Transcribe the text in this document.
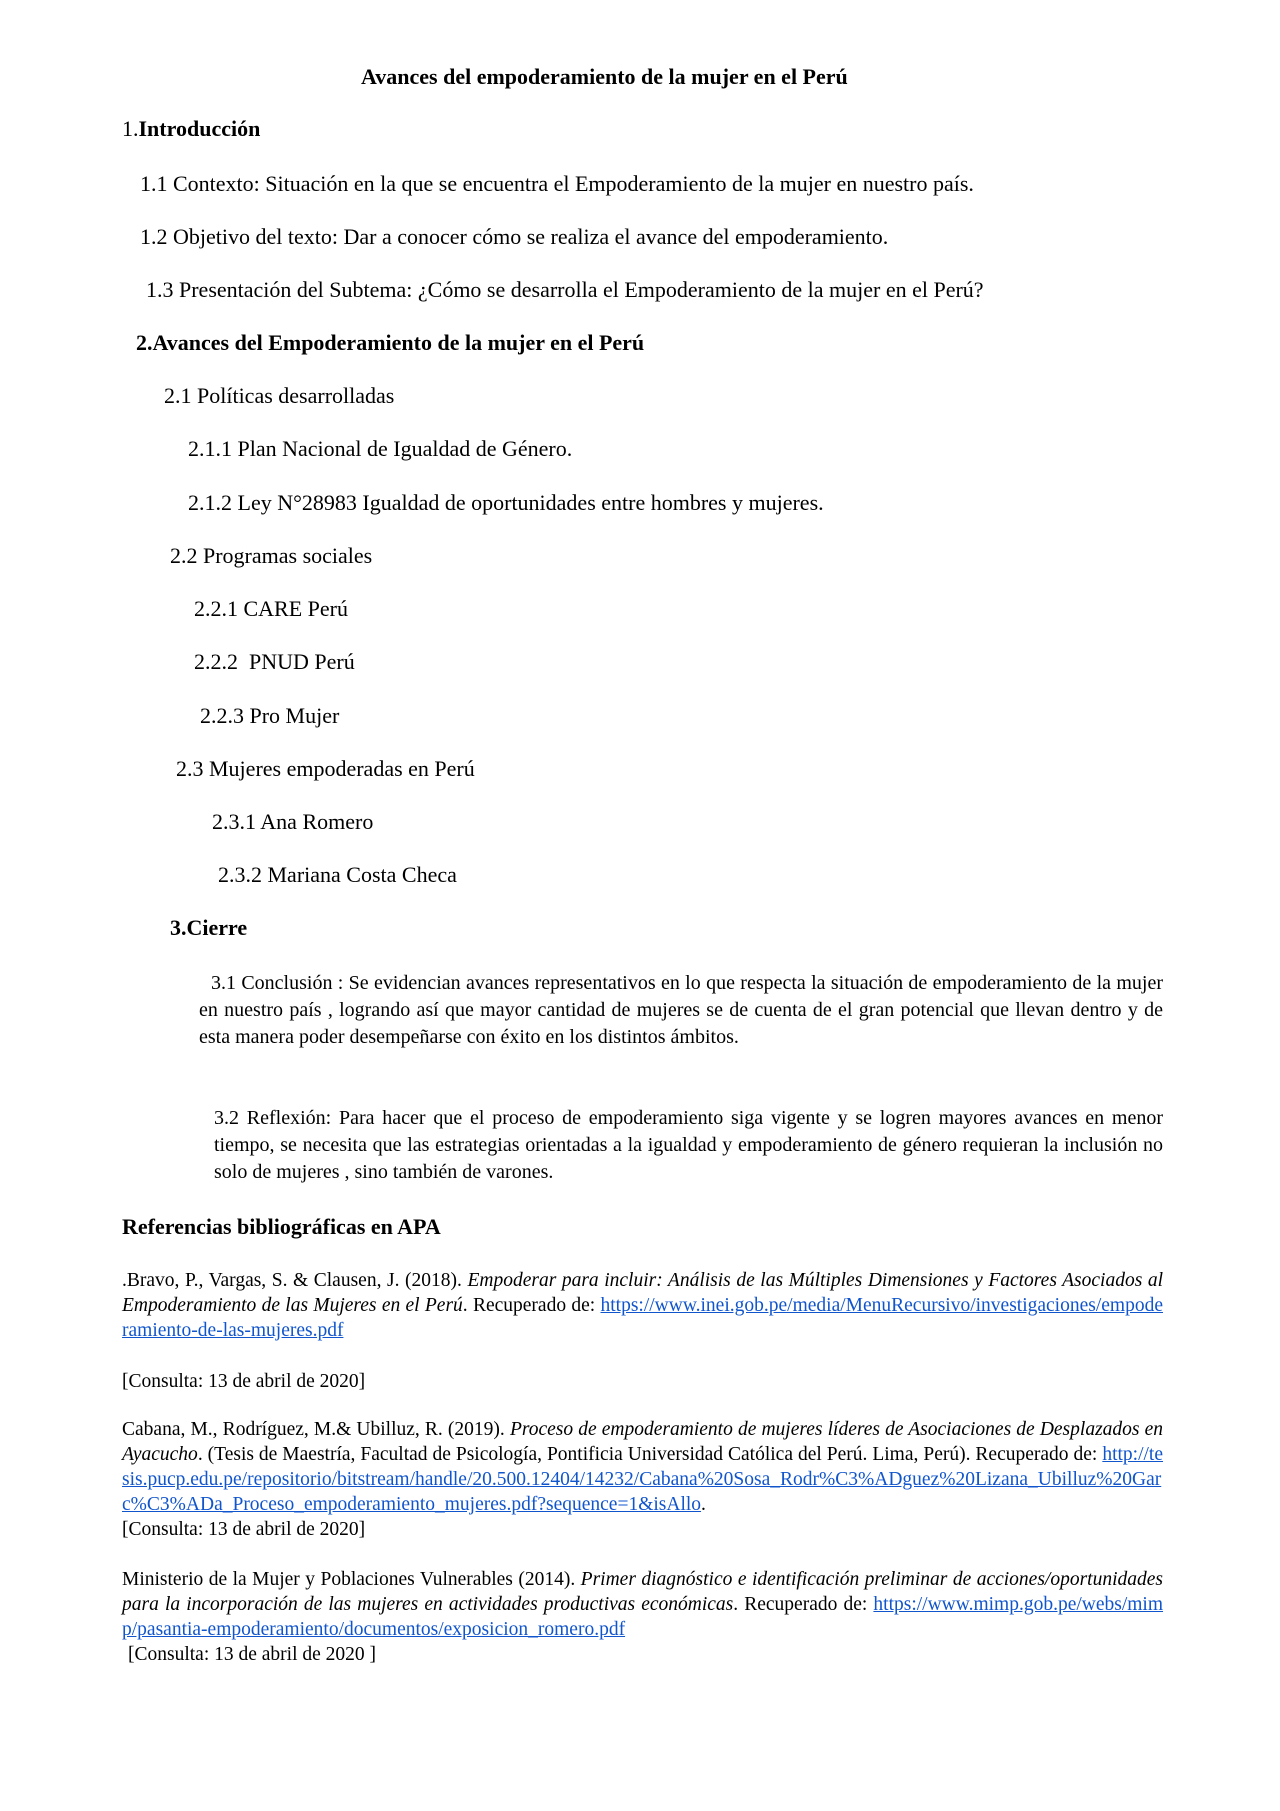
Avances del empoderamiento de la mujer en el Perú
1.Introducción
1.1 Contexto: Situación en la que se encuentra el Empoderamiento de la mujer en nuestro país.
1.2 Objetivo del texto: Dar a conocer cómo se realiza el avance del empoderamiento.
1.3 Presentación del Subtema: ¿Cómo se desarrolla el Empoderamiento de la mujer en el Perú?
2.Avances del Empoderamiento de la mujer en el Perú
2.1 Políticas desarrolladas
2.1.1 Plan Nacional de Igualdad de Género.
2.1.2 Ley N°28983 Igualdad de oportunidades entre hombres y mujeres.
2.2 Programas sociales
2.2.1 CARE Perú
2.2.2  PNUD Perú
2.2.3 Pro Mujer
2.3 Mujeres empoderadas en Perú
2.3.1 Ana Romero
2.3.2 Mariana Costa Checa
3.Cierre

3.1 Conclusión : Se evidencian avances representativos en lo que respecta la situación de empoderamiento de la mujer en nuestro país , logrando así que mayor cantidad de mujeres se de cuenta de el gran potencial que llevan dentro y de esta manera poder desempeñarse con éxito en los distintos ámbitos.

3.2 Reflexión: Para hacer que el proceso de empoderamiento siga vigente y se logren mayores avances en menor tiempo, se necesita que las estrategias orientadas a la igualdad y empoderamiento de género requieran la inclusión no solo de mujeres , sino también de varones.

Referencias bibliográficas en APA

.Bravo, P., Vargas, S. & Clausen, J. (2018). Empoderar para incluir: Análisis de las Múltiples Dimensiones y Factores Asociados al Empoderamiento de las Mujeres en el Perú. Recuperado de: https://www.inei.gob.pe/media/MenuRecursivo/investigaciones/empoderamiento-de-las-mujeres.pdf

[Consulta: 13 de abril de 2020]

Cabana, M., Rodríguez, M.& Ubilluz, R. (2019). Proceso de empoderamiento de mujeres líderes de Asociaciones de Desplazados en Ayacucho. (Tesis de Maestría, Facultad de Psicología, Pontificia Universidad Católica del Perú. Lima, Perú). Recuperado de: http://tesis.pucp.edu.pe/repositorio/bitstream/handle/20.500.12404/14232/Cabana%20Sosa_Rodr%C3%ADguez%20Lizana_Ubilluz%20Garc%C3%ADa_Proceso_empoderamiento_mujeres.pdf?sequence=1&isAllo.

[Consulta: 13 de abril de 2020]

Ministerio de la Mujer y Poblaciones Vulnerables (2014). Primer diagnóstico e identificación preliminar de acciones/oportunidades para la incorporación de las mujeres en actividades productivas económicas. Recuperado de: https://www.mimp.gob.pe/webs/mimp/pasantia-empoderamiento/documentos/exposicion_romero.pdf

[Consulta: 13 de abril de 2020 ]
